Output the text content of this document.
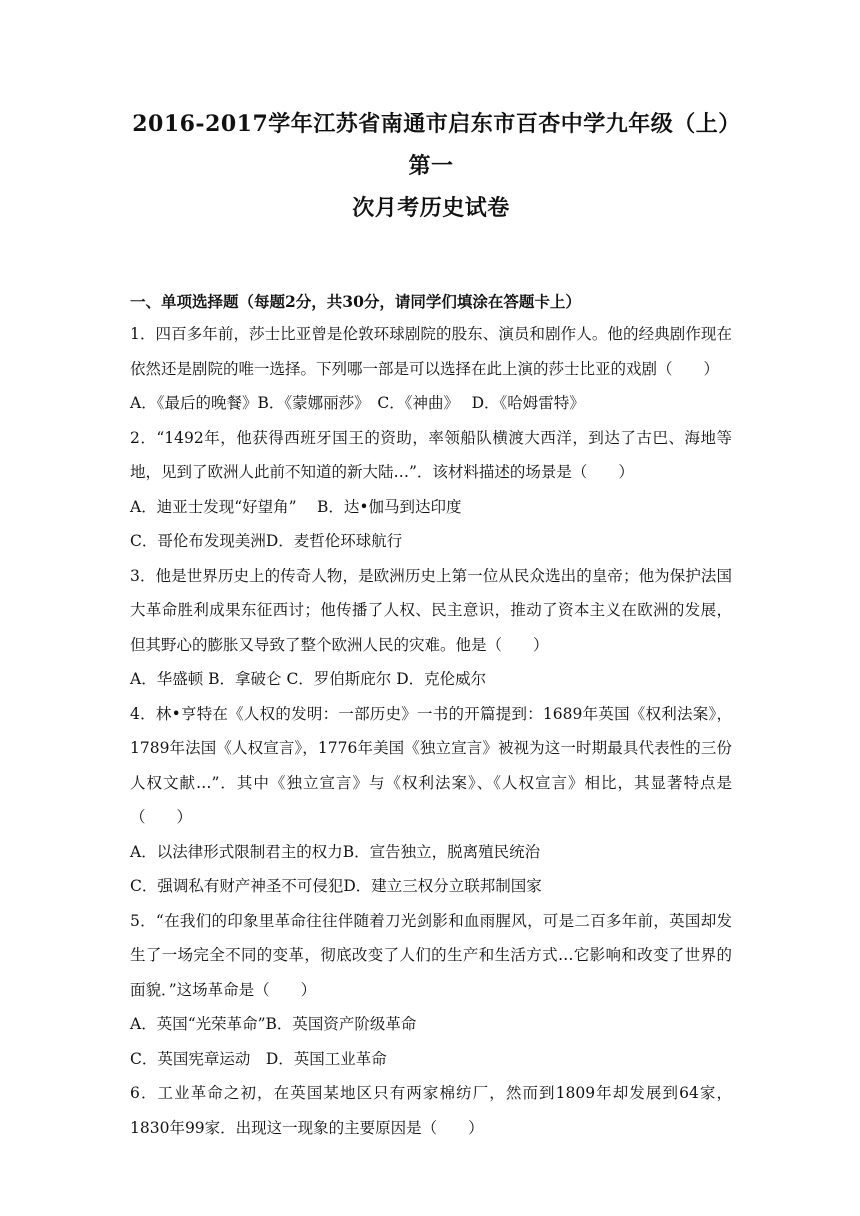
2016-2017学年江苏省南通市启东市百杏中学九年级（上）第一
次月考历史试卷
一、单项选择题（每题2分，共30分，请同学们填涂在答题卡上）
1．四百多年前，莎士比亚曾是伦敦环球剧院的股东、演员和剧作人。他的经典剧作现在依然还是剧院的唯一选择。下列哪一部是可以选择在此上演的莎士比亚的戏剧（　　）
A．《最后的晚餐》B．《蒙娜丽莎》　C．《神曲》　 D．《哈姆雷特》
2．“1492年，他获得西班牙国王的资助，率领船队横渡大西洋，到达了古巴、海地等地，见到了欧洲人此前不知道的新大陆…”．该材料描述的场景是（　　）
A．迪亚士发现“好望角”　 B．达•伽马到达印度
C．哥伦布发现美洲D．麦哲伦环球航行
3．他是世界历史上的传奇人物，是欧洲历史上第一位从民众选出的皇帝；他为保护法国大革命胜利成果东征西讨；他传播了人权、民主意识，推动了资本主义在欧洲的发展，但其野心的膨胀又导致了整个欧洲人民的灾难。他是（　　）
A．华盛顿 B．拿破仑 C．罗伯斯庇尔 D．克伦威尔
4．林•亨特在《人权的发明：一部历史》一书的开篇提到：1689年英国《权利法案》，1789年法国《人权宣言》，1776年美国《独立宣言》被视为这一时期最具代表性的三份人权文献…”．其中《独立宣言》与《权利法案》、《人权宣言》相比，其显著特点是（　　）
A．以法律形式限制君主的权力B．宣告独立，脱离殖民统治
C．强调私有财产神圣不可侵犯D．建立三权分立联邦制国家
5．“在我们的印象里革命往往伴随着刀光剑影和血雨腥风，可是二百多年前，英国却发生了一场完全不同的变革，彻底改变了人们的生产和生活方式…它影响和改变了世界的面貌．”这场革命是（　　）
A．英国“光荣革命”B．英国资产阶级革命
C．英国宪章运动　D．英国工业革命
6．工业革命之初，在英国某地区只有两家棉纺厂，然而到1809年却发展到64家，1830年99家．出现这一现象的主要原因是（　　）
